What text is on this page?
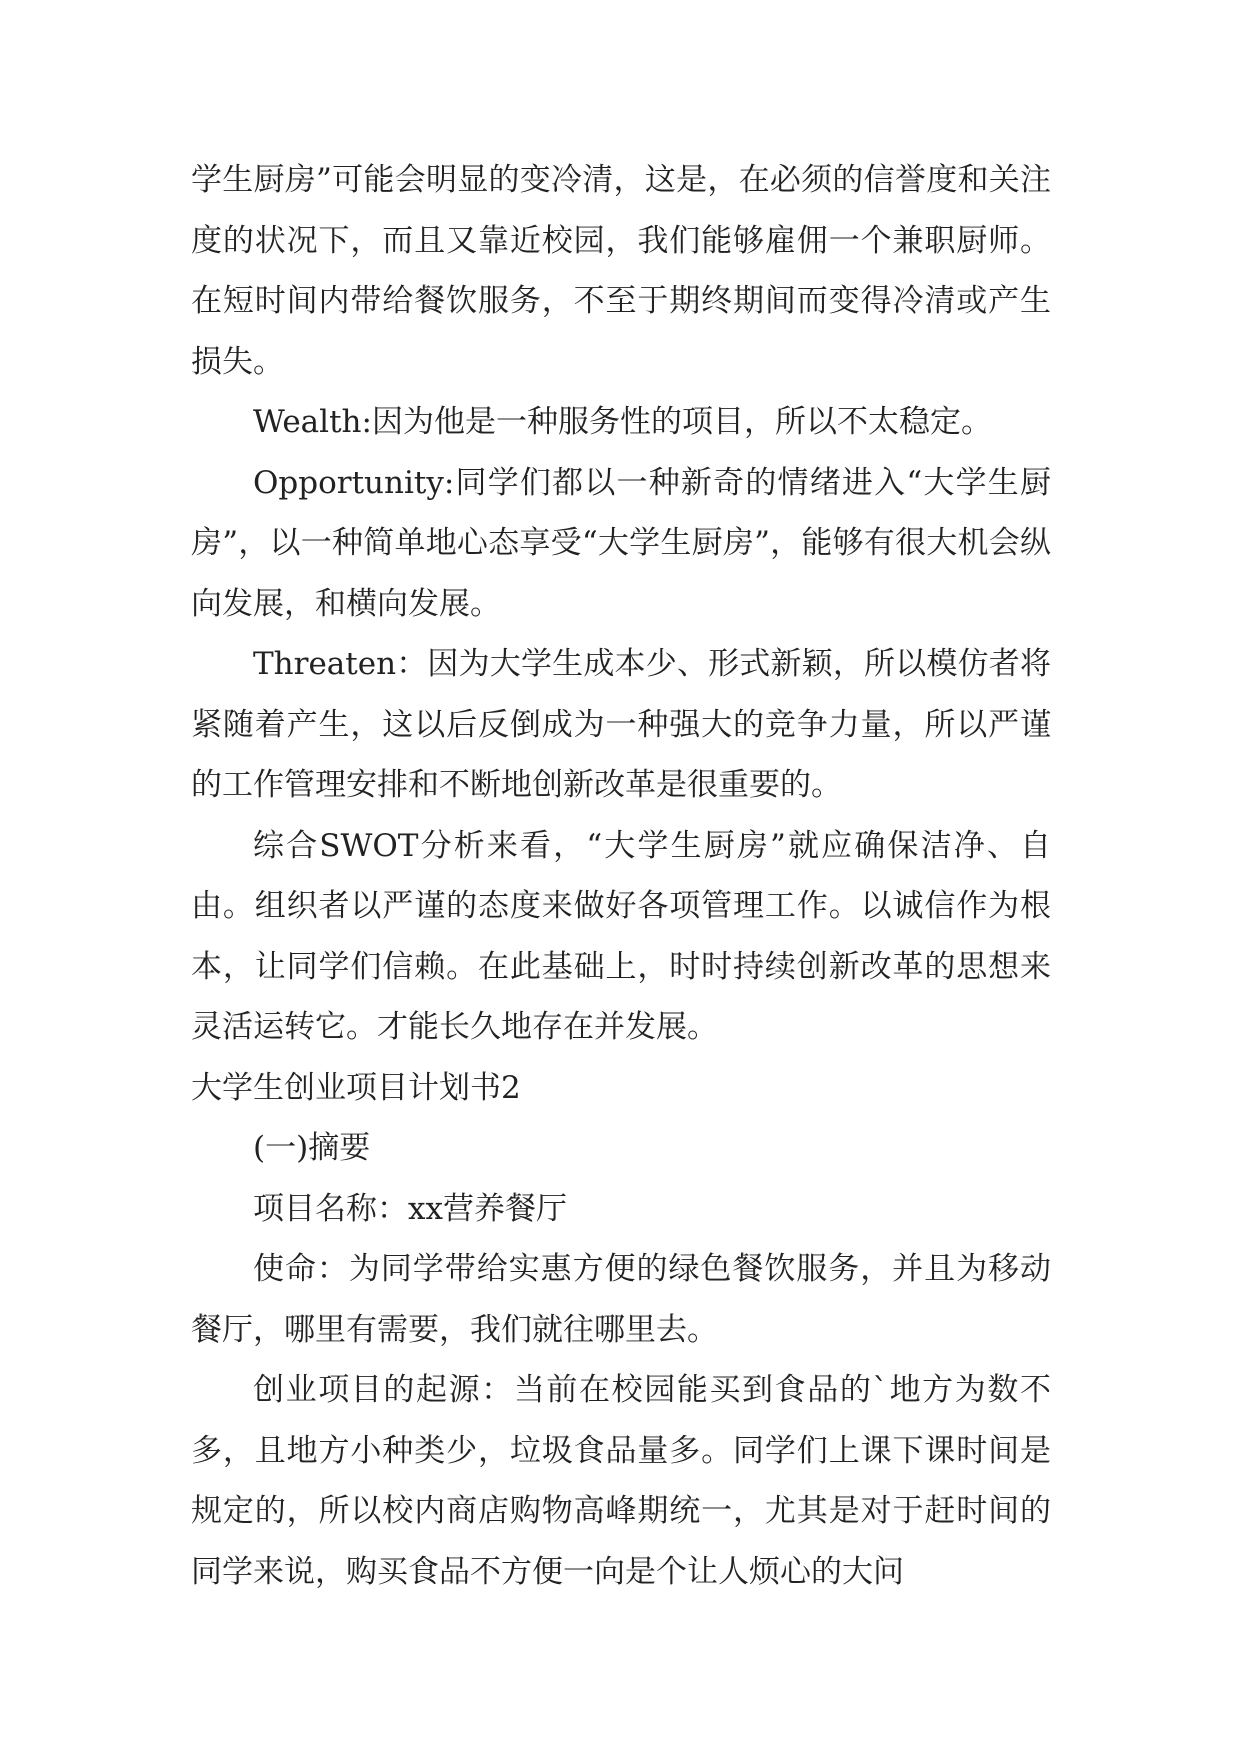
学生厨房”可能会明显的变冷清，这是，在必须的信誉度和关注度的状况下，而且又靠近校园，我们能够雇佣一个兼职厨师。在短时间内带给餐饮服务，不至于期终期间而变得冷清或产生损失。

Wealth:因为他是一种服务性的项目，所以不太稳定。

Opportunity:同学们都以一种新奇的情绪进入“大学生厨房”，以一种简单地心态享受“大学生厨房”，能够有很大机会纵向发展，和横向发展。

Threaten：因为大学生成本少、形式新颖，所以模仿者将紧随着产生，这以后反倒成为一种强大的竞争力量，所以严谨的工作管理安排和不断地创新改革是很重要的。

综合SWOT分析来看，“大学生厨房”就应确保洁净、自由。组织者以严谨的态度来做好各项管理工作。以诚信作为根本，让同学们信赖。在此基础上，时时持续创新改革的思想来灵活运转它。才能长久地存在并发展。

大学生创业项目计划书2

(一)摘要

项目名称：xx营养餐厅

使命：为同学带给实惠方便的绿色餐饮服务，并且为移动餐厅，哪里有需要，我们就往哪里去。

创业项目的起源：当前在校园能买到食品的`地方为数不多，且地方小种类少，垃圾食品量多。同学们上课下课时间是规定的，所以校内商店购物高峰期统一，尤其是对于赶时间的同学来说，购买食品不方便一向是个让人烦心的大问
